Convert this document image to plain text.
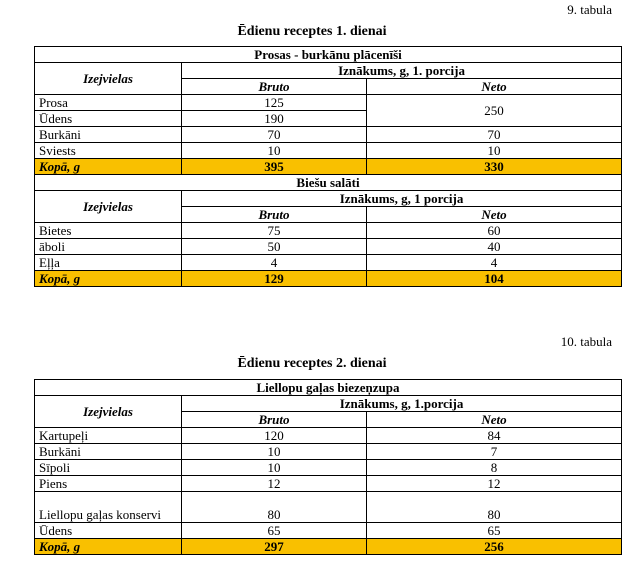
9. tabula
Ēdienu receptes 1. dienai
Prosas - burkānu plācenīši		
Izejvielas	Iznākums, g, 1. porcija	
	Bruto	Neto
Prosa	125	250
Ūdens	190	
Burkāni	70	70
Sviests	10	10
Kopā, g	395	330
Biešu salāti		
Izejvielas	Iznākums, g, 1 porcija	
	Bruto	Neto
Bietes	75	60
āboli	50	40
Eļļa	4	4
Kopā, g	129	104
10. tabula
Ēdienu receptes 2. dienai
Liellopu gaļas biezeņzupa		
Izejvielas	Iznākums, g, 1.porcija	
	Bruto	Neto
Kartupeļi	120	84
Burkāni	10	7
Sīpoli	10	8
Piens	12	12
Liellopu gaļas konservi	80	80
Ūdens	65	65
Kopā, g	297	256
